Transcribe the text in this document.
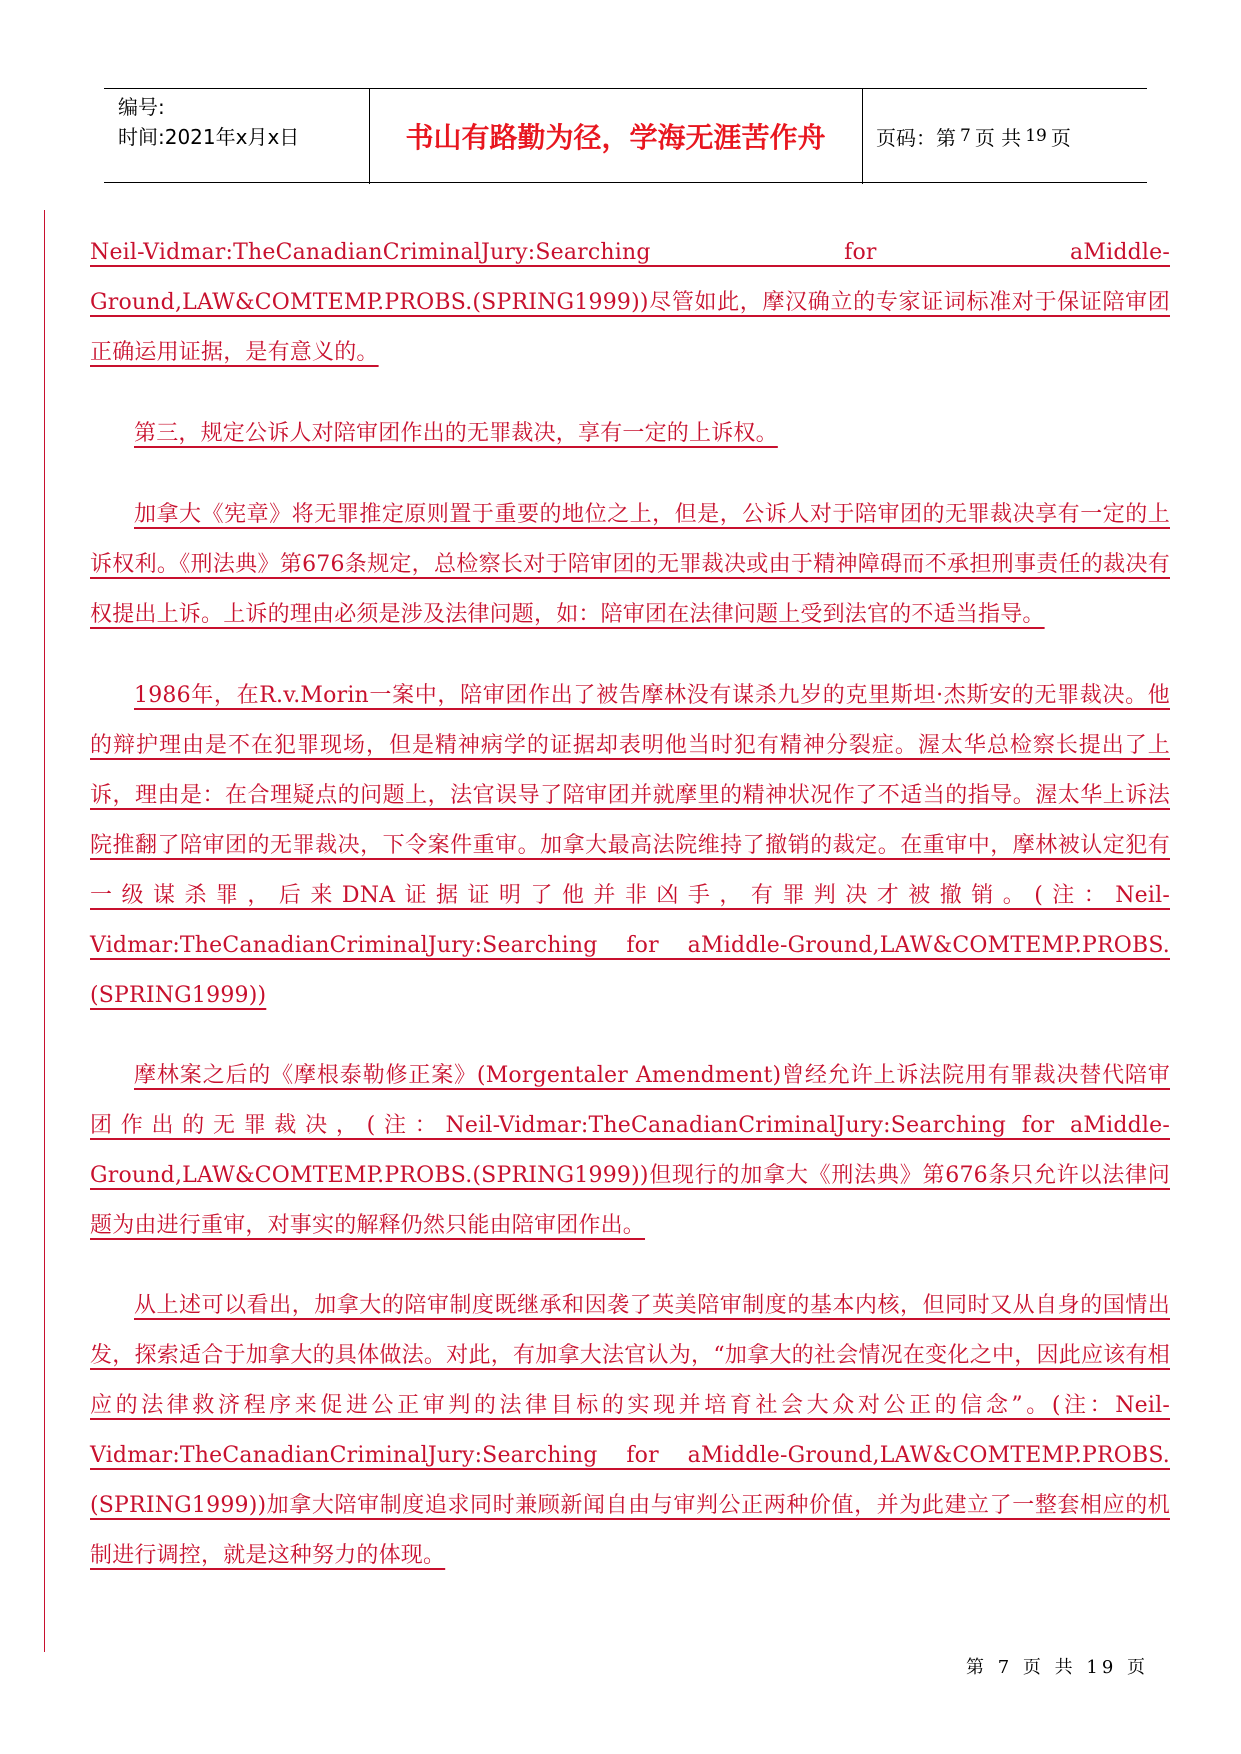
编号:
时间:2021年x月x日	书山有路勤为径，学海无涯苦作舟	页码：第 7 页 共 19 页

Neil-Vidmar:TheCanadianCriminalJury:Searching for aMiddle-Ground,LAW&COMTEMP.PROBS.(SPRING1999))尽管如此，摩汉确立的专家证词标准对于保证陪审团正确运用证据，是有意义的。

第三，规定公诉人对陪审团作出的无罪裁决，享有一定的上诉权。

加拿大《宪章》将无罪推定原则置于重要的地位之上，但是，公诉人对于陪审团的无罪裁决享有一定的上诉权利。《刑法典》第676条规定，总检察长对于陪审团的无罪裁决或由于精神障碍而不承担刑事责任的裁决有权提出上诉。上诉的理由必须是涉及法律问题，如：陪审团在法律问题上受到法官的不适当指导。

1986年，在R.v.Morin一案中，陪审团作出了被告摩林没有谋杀九岁的克里斯坦·杰斯安的无罪裁决。他的辩护理由是不在犯罪现场，但是精神病学的证据却表明他当时犯有精神分裂症。渥太华总检察长提出了上诉，理由是：在合理疑点的问题上，法官误导了陪审团并就摩里的精神状况作了不适当的指导。渥太华上诉法院推翻了陪审团的无罪裁决，下令案件重审。加拿大最高法院维持了撤销的裁定。在重审中，摩林被认定犯有一级谋杀罪，后来DNA证据证明了他并非凶手，有罪判决才被撤销。(注：Neil-Vidmar:TheCanadianCriminalJury:Searching for aMiddle-Ground,LAW&COMTEMP.PROBS.(SPRING1999))

摩林案之后的《摩根泰勒修正案》(Morgentaler Amendment)曾经允许上诉法院用有罪裁决替代陪审团作出的无罪裁决，(注：Neil-Vidmar:TheCanadianCriminalJury:Searching for aMiddle-Ground,LAW&COMTEMP.PROBS.(SPRING1999))但现行的加拿大《刑法典》第676条只允许以法律问题为由进行重审，对事实的解释仍然只能由陪审团作出。

从上述可以看出，加拿大的陪审制度既继承和因袭了英美陪审制度的基本内核，但同时又从自身的国情出发，探索适合于加拿大的具体做法。对此，有加拿大法官认为，“加拿大的社会情况在变化之中，因此应该有相应的法律救济程序来促进公正审判的法律目标的实现并培育社会大众对公正的信念”。(注：Neil-Vidmar:TheCanadianCriminalJury:Searching for aMiddle-Ground,LAW&COMTEMP.PROBS.(SPRING1999))加拿大陪审制度追求同时兼顾新闻自由与审判公正两种价值，并为此建立了一整套相应的机制进行调控，就是这种努力的体现。

第 7 页 共 19 页
